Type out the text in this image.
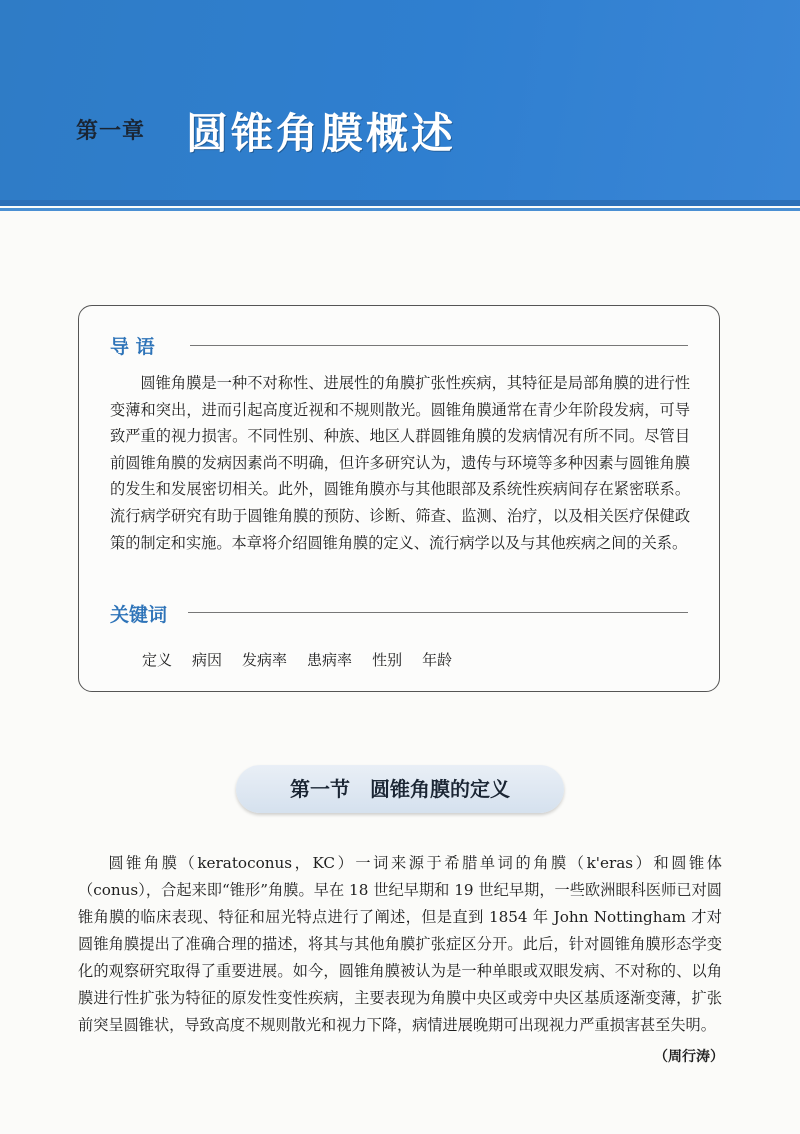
第一章 圆锥角膜概述
导 语

圆锥角膜是一种不对称性、进展性的角膜扩张性疾病，其特征是局部角膜的进行性变薄和突出，进而引起高度近视和不规则散光。圆锥角膜通常在青少年阶段发病，可导致严重的视力损害。不同性别、种族、地区人群圆锥角膜的发病情况有所不同。尽管目前圆锥角膜的发病因素尚不明确，但许多研究认为，遗传与环境等多种因素与圆锥角膜的发生和发展密切相关。此外，圆锥角膜亦与其他眼部及系统性疾病间存在紧密联系。流行病学研究有助于圆锥角膜的预防、诊断、筛查、监测、治疗，以及相关医疗保健政策的制定和实施。本章将介绍圆锥角膜的定义、流行病学以及与其他疾病之间的关系。

关键词
定义 病因 发病率 患病率 性别 年龄
第一节　圆锥角膜的定义

圆锥角膜（keratoconus，KC）一词来源于希腊单词的角膜（k'eras）和圆锥体（conus），合起来即“锥形”角膜。早在 18 世纪早期和 19 世纪早期，一些欧洲眼科医师已对圆锥角膜的临床表现、特征和屈光特点进行了阐述，但是直到 1854 年 John Nottingham 才对圆锥角膜提出了准确合理的描述，将其与其他角膜扩张症区分开。此后，针对圆锥角膜形态学变化的观察研究取得了重要进展。如今，圆锥角膜被认为是一种单眼或双眼发病、不对称的、以角膜进行性扩张为特征的原发性变性疾病，主要表现为角膜中央区或旁中央区基质逐渐变薄，扩张前突呈圆锥状，导致高度不规则散光和视力下降，病情进展晚期可出现视力严重损害甚至失明。

（周行涛）
